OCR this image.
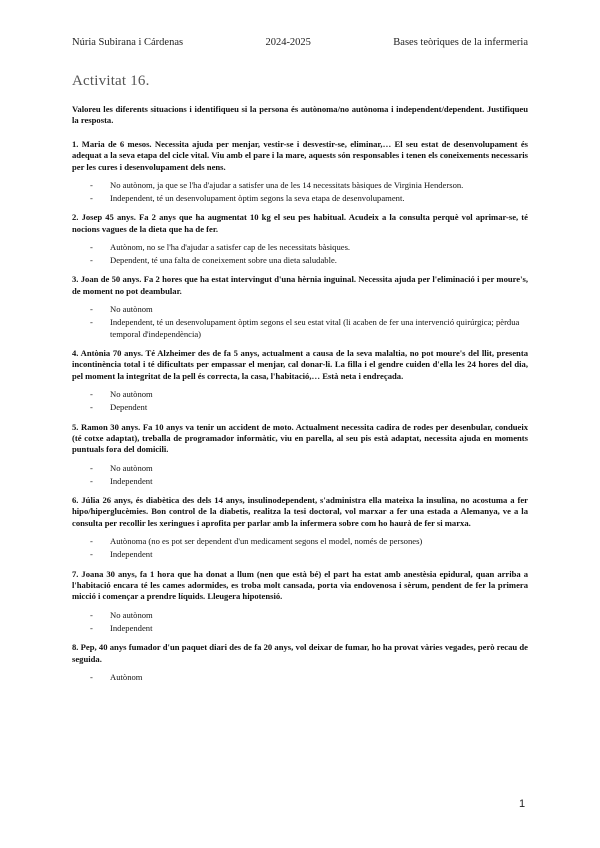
Núria Subirana i Cárdenas	2024-2025	Bases teòriques de la infermeria
Activitat 16.

Valoreu les diferents situacions i identifiqueu si la persona és autònoma/no autònoma i independent/dependent. Justifiqueu la resposta.

1. Maria de 6 mesos. Necessita ajuda per menjar, vestir-se i desvestir-se, eliminar,… El seu estat de desenvolupament és adequat a la seva etapa del cicle vital. Viu amb el pare i la mare, aquests són responsables i tenen els coneixements necessaris per les cures i desenvolupament dels nens.

- No autònom, ja que se l'ha d'ajudar a satisfer una de les 14 necessitats bàsiques de Virginia Henderson.
- Independent, té un desenvolupament òptim segons la seva etapa de desenvolupament.

2. Josep 45 anys. Fa 2 anys que ha augmentat 10 kg el seu pes habitual. Acudeix a la consulta perquè vol aprimar-se, té nocions vagues de la dieta que ha de fer.

- Autònom, no se l'ha d'ajudar a satisfer cap de les necessitats bàsiques.
- Dependent, té una falta de coneixement sobre una dieta saludable.

3. Joan de 50 anys. Fa 2 hores que ha estat intervingut d'una hèrnia inguinal. Necessita ajuda per l'eliminació i per moure's, de moment no pot deambular.

- No autònom
- Independent, té un desenvolupament òptim segons el seu estat vital (li acaben de fer una intervenció quirúrgica; pèrdua temporal d'independència)

4. Antònia 70 anys. Té Alzheimer des de fa 5 anys, actualment a causa de la seva malaltia, no pot moure's del llit, presenta incontinència total i té dificultats per empassar el menjar, cal donar-li. La filla i el gendre cuiden d'ella les 24 hores del dia, pel moment la integritat de la pell és correcta, la casa, l'habitació,… Està neta i endreçada.

- No autònom
- Dependent

5. Ramon 30 anys. Fa 10 anys va tenir un accident de moto. Actualment necessita cadira de rodes per desenbular, condueix (té cotxe adaptat), treballa de programador informàtic, viu en parella, al seu pis està adaptat, necessita ajuda en moments puntuals fora del domicili.

- No autònom
- Independent

6. Júlia 26 anys, és diabètica des dels 14 anys, insulinodependent, s'administra ella mateixa la insulina, no acostuma a fer hipo/hiperglucèmies. Bon control de la diabetis, realitza la tesi doctoral, vol marxar a fer una estada a Alemanya, ve a la consulta per recollir les xeringues i aprofita per parlar amb la infermera sobre com ho haurà de fer si marxa.

- Autònoma (no es pot ser dependent d'un medicament segons el model, només de persones)
- Independent

7. Joana 30 anys, fa 1 hora que ha donat a llum (nen que està bé) el part ha estat amb anestèsia epidural, quan arriba a l'habitació encara té les cames adormides, es troba molt cansada, porta via endovenosa i sèrum, pendent de fer la primera micció i començar a prendre líquids. Lleugera hipotensió.

- No autònom
- Independent

8. Pep, 40 anys fumador d'un paquet diari des de fa 20 anys, vol deixar de fumar, ho ha provat vàries vegades, però recau de seguida.

- Autònom
1
